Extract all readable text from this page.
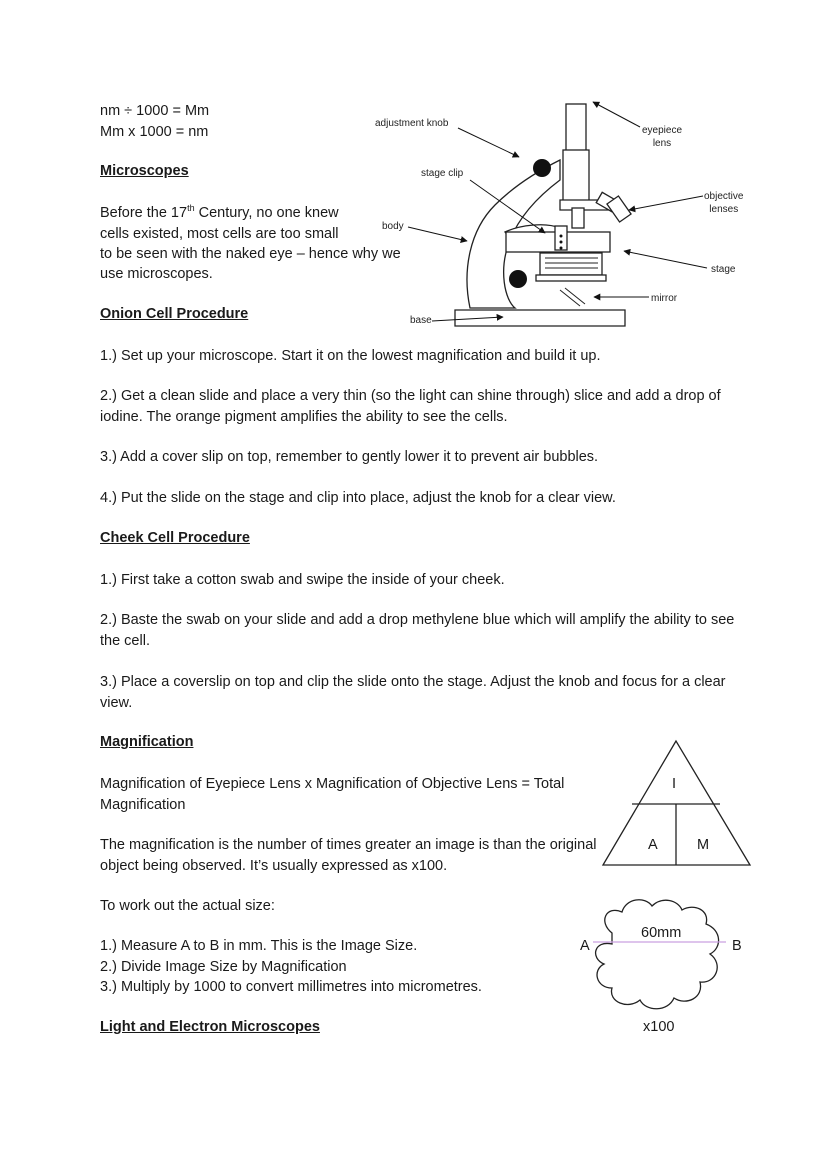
nm ÷ 1000 = Mm
Mm x 1000 = nm
Microscopes
Before the 17th Century, no one knew
cells existed, most cells are too small
to be seen with the naked eye – hence why we
use microscopes.
adjustment knob
stage clip
body
base
eyepiece
lens
objective
lenses
stage
mirror
Onion Cell Procedure
1.) Set up your microscope. Start it on the lowest magnification and build it up.
2.) Get a clean slide and place a very thin (so the light can shine through) slice and add a drop of iodine. The orange pigment amplifies the ability to see the cells.
3.) Add a cover slip on top, remember to gently lower it to prevent air bubbles.
4.) Put the slide on the stage and clip into place, adjust the knob for a clear view.
Cheek Cell Procedure
1.) First take a cotton swab and swipe the inside of your cheek.
2.) Baste the swab on your slide and add a drop methylene blue which will amplify the ability to see the cell.
3.) Place a coverslip on top and clip the slide onto the stage. Adjust the knob and focus for a clear view.
Magnification
Magnification of Eyepiece Lens x Magnification of Objective Lens = Total Magnification
The magnification is the number of times greater an image is than the original object being observed. It’s usually expressed as x100.
To work out the actual size:
1.) Measure A to B in mm. This is the Image Size.
2.) Divide Image Size by Magnification
3.) Multiply by 1000 to convert millimetres into micrometres.
I
A	M
60mm
A	B
x100
Light and Electron Microscopes
